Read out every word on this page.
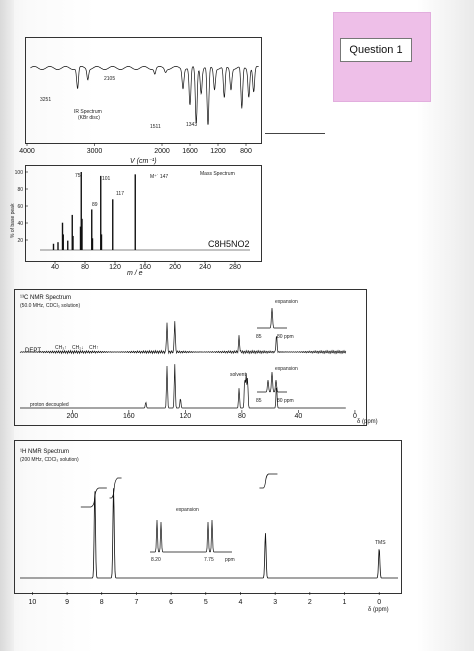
Question 1
IR Spectrum
(KBr disc)
3251
2105
1511	1343
4000	3000	2000 1600 1200 800
V (cm⁻¹)
100
80
60
40
20
40	80	120	160	200	240	280
Mass Spectrum
C8H5NO2
% of base peak
m / e
75	101
117
89
M⁺˙ 147
¹³C NMR Spectrum
(50.0 MHz, CDCl₃ solution)
DEPT	CH₃↑ CH₂↓ CH↑
proton decoupled
solvent
expansion
expansion
85	80 ppm
85	80 ppm
200	160	120	80	40	0
δ (ppm)
¹H NMR Spectrum
(200 MHz, CDCl₃ solution)
expansion
8.20	7.75 ppm
TMS
10	9	8	7	6	5	4	3	2	1	0
δ (ppm)
